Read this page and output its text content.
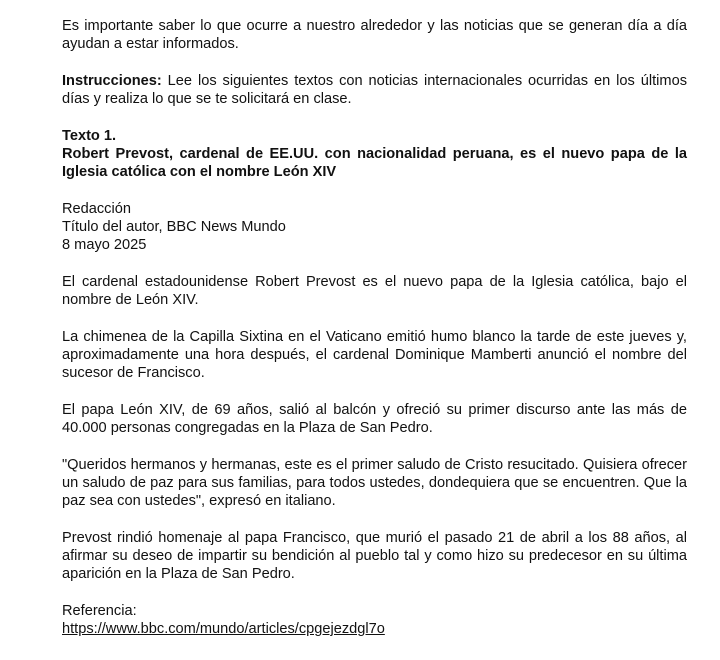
Es importante saber lo que ocurre a nuestro alrededor y las noticias que se generan día a día ayudan a estar informados.

Instrucciones: Lee los siguientes textos con noticias internacionales ocurridas en los últimos días y realiza lo que se te solicitará en clase.

Texto 1.

Robert Prevost, cardenal de EE.UU. con nacionalidad peruana, es el nuevo papa de la Iglesia católica con el nombre León XIV

Redacción

Título del autor, BBC News Mundo

8 mayo 2025

El cardenal estadounidense Robert Prevost es el nuevo papa de la Iglesia católica, bajo el nombre de León XIV.

La chimenea de la Capilla Sixtina en el Vaticano emitió humo blanco la tarde de este jueves y, aproximadamente una hora después, el cardenal Dominique Mamberti anunció el nombre del sucesor de Francisco.

El papa León XIV, de 69 años, salió al balcón y ofreció su primer discurso ante las más de 40.000 personas congregadas en la Plaza de San Pedro.

"Queridos hermanos y hermanas, este es el primer saludo de Cristo resucitado. Quisiera ofrecer un saludo de paz para sus familias, para todos ustedes, dondequiera que se encuentren. Que la paz sea con ustedes", expresó en italiano.

Prevost rindió homenaje al papa Francisco, que murió el pasado 21 de abril a los 88 años, al afirmar su deseo de impartir su bendición al pueblo tal y como hizo su predecesor en su última aparición en la Plaza de San Pedro.

Referencia:

https://www.bbc.com/mundo/articles/cpgejezdgl7o
